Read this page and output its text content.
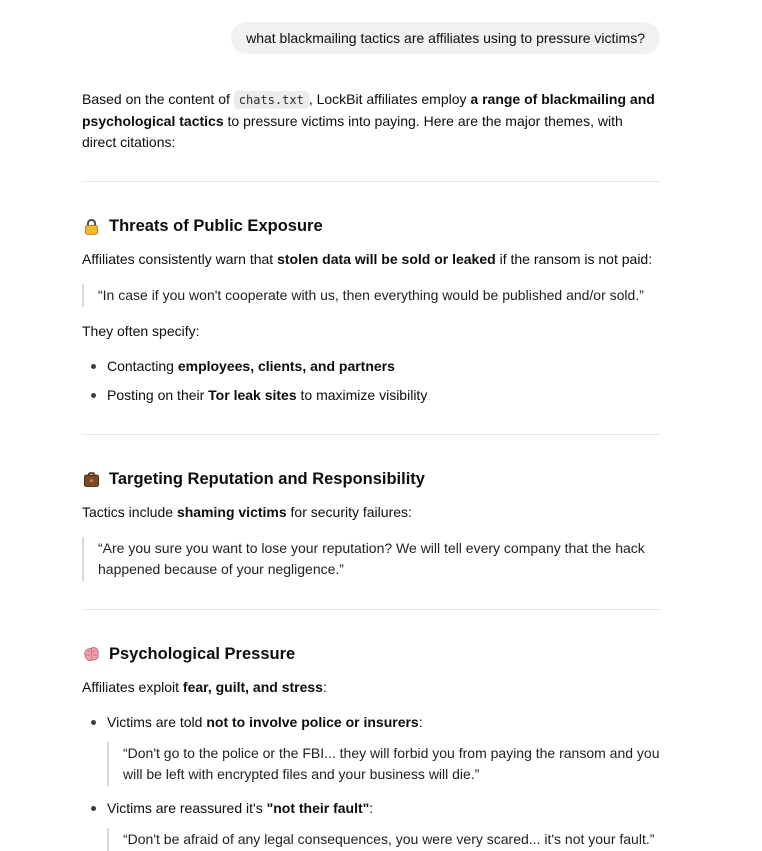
what blackmailing tactics are affiliates using to pressure victims?

Based on the content of chats.txt , LockBit affiliates employ a range of blackmailing and psychological tactics to pressure victims into paying. Here are the major themes, with direct citations:

Threats of Public Exposure

Affiliates consistently warn that stolen data will be sold or leaked if the ransom is not paid:

“In case if you won't cooperate with us, then everything would be published and/or sold.”

They often specify:

Contacting employees, clients, and partners
Posting on their Tor leak sites to maximize visibility
Targeting Reputation and Responsibility

Tactics include shaming victims for security failures:

“Are you sure you want to lose your reputation? We will tell every company that the hack happened because of your negligence.”
Psychological Pressure

Affiliates exploit fear, guilt, and stress:

Victims are told not to involve police or insurers:
“Don't go to the police or the FBI... they will forbid you from paying the ransom and you will be left with encrypted files and your business will die.”
Victims are reassured it's "not their fault":
“Don't be afraid of any legal consequences, you were very scared... it's not your fault.”
